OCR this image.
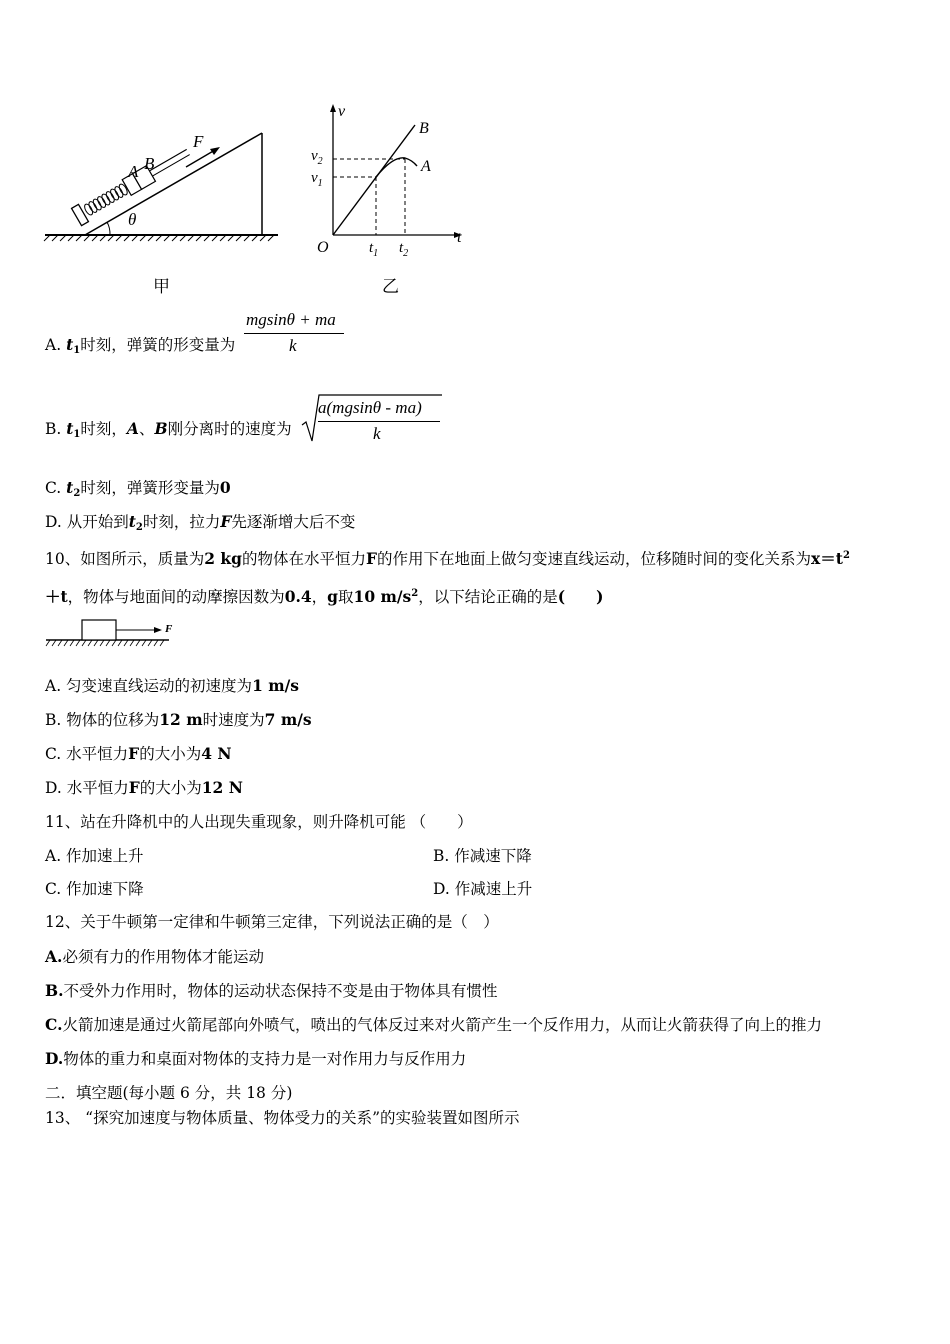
F
A B
θ
甲
v
t
O
$v_2$
$v_1$
$t_1$ $t_2$
B
A
乙
A. $t_1$时刻，弹簧的形变量为
mgsinθ + ma
k
B. $t_1$时刻，A、B刚分离时的速度为
a(mgsinθ - ma)
k
C. $t_2$时刻，弹簧形变量为0
D. 从开始到$t_2$时刻，拉力F先逐渐增大后不变
10、如图所示，质量为2 kg的物体在水平恒力F的作用下在地面上做匀变速直线运动，位移随时间的变化关系为$x=t^2$
＋t，物体与地面间的动摩擦因数为0.4，g取10 $m/s^2$，以下结论正确的是(　　)
F
A. 匀变速直线运动的初速度为1 m/s
B. 物体的位移为12 m时速度为7 m/s
C. 水平恒力F的大小为4 N
D. 水平恒力F的大小为12 N
11、站在升降机中的人出现失重现象，则升降机可能 （　　）
A. 作加速上升	B. 作减速下降
C. 作加速下降	D. 作减速上升
12、关于牛顿第一定律和牛顿第三定律，下列说法正确的是（　）
A.必须有力的作用物体才能运动
B.不受外力作用时，物体的运动状态保持不变是由于物体具有惯性
C.火箭加速是通过火箭尾部向外喷气，喷出的气体反过来对火箭产生一个反作用力，从而让火箭获得了向上的推力
D.物体的重力和桌面对物体的支持力是一对作用力与反作用力
二．填空题(每小题 6 分，共 18 分)
13、 “探究加速度与物体质量、物体受力的关系”的实验装置如图所示
